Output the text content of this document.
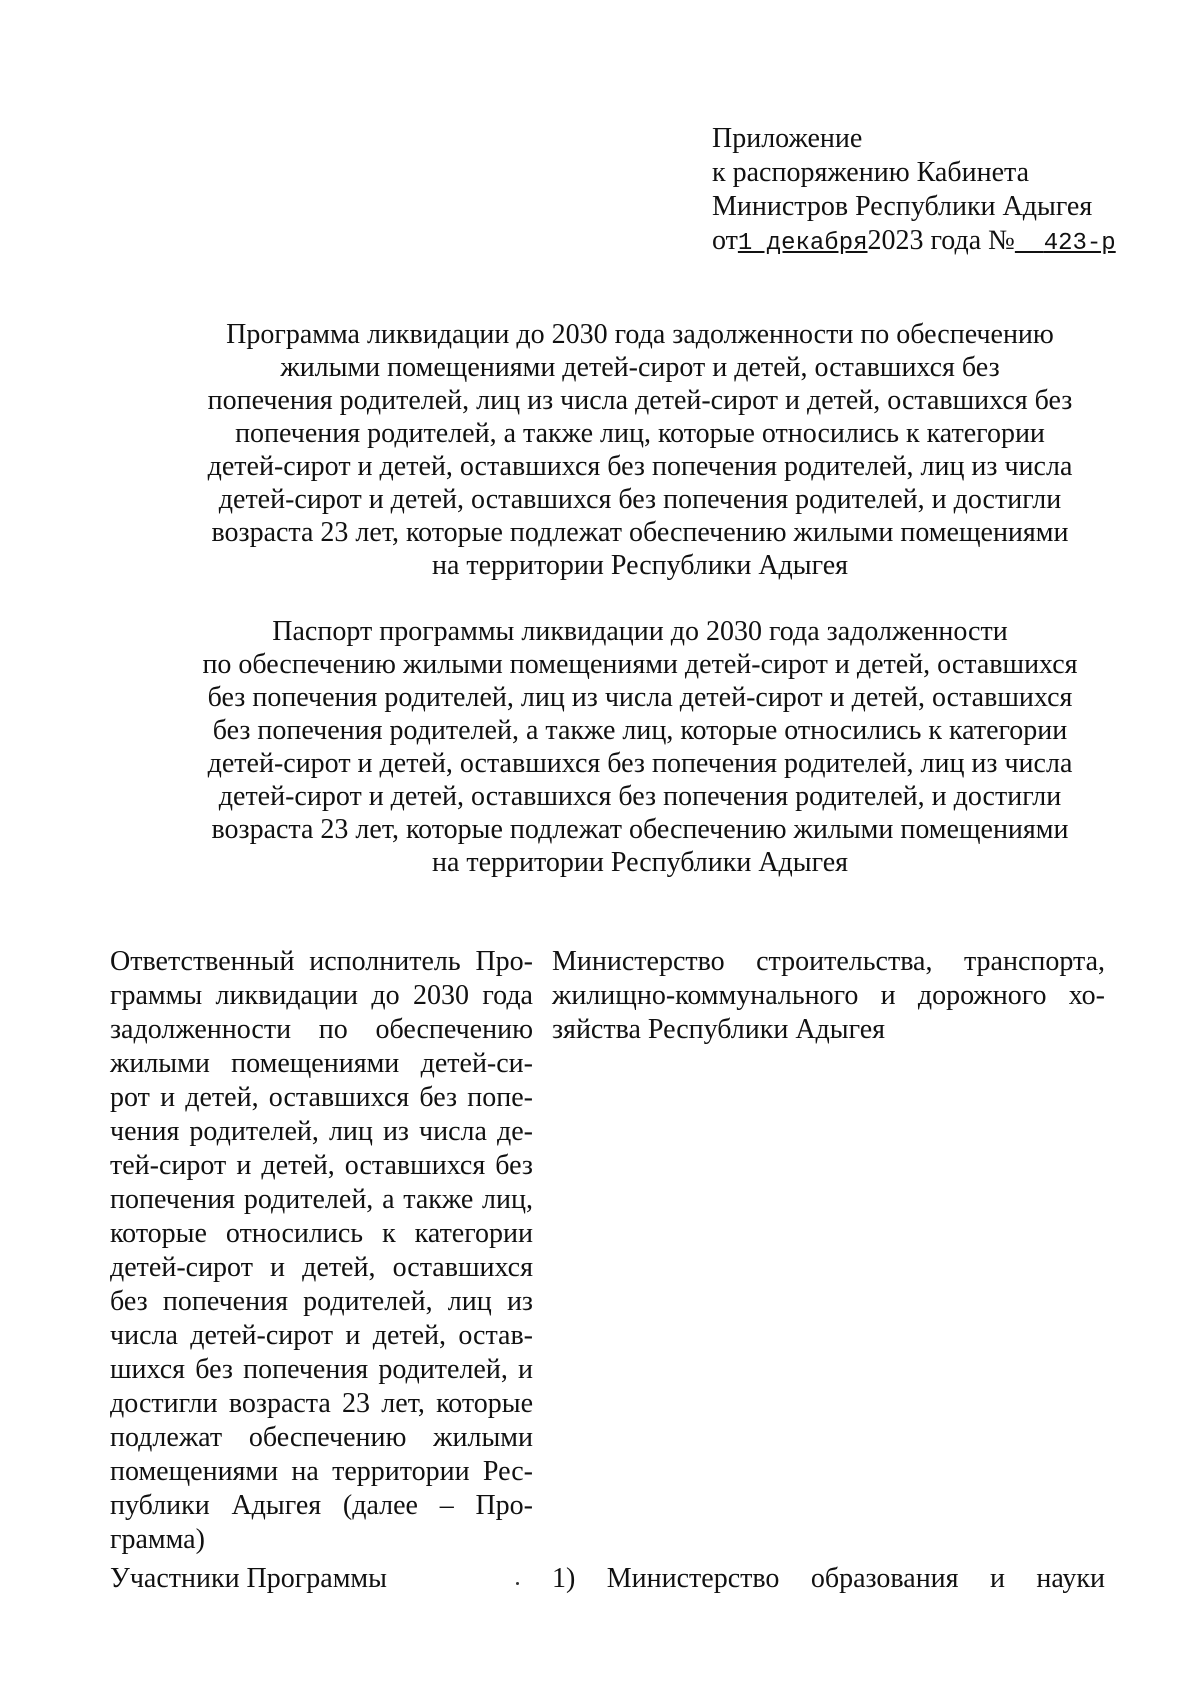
Приложение
к распоряжению Кабинета
Министров Республики Адыгея
от1 декабря2023 года № 423-р
Программа ликвидации до 2030 года задолженности по обеспечению
жилыми помещениями детей-сирот и детей, оставшихся без
попечения родителей, лиц из числа детей-сирот и детей, оставшихся без
попечения родителей, а также лиц, которые относились к категории
детей-сирот и детей, оставшихся без попечения родителей, лиц из числа
детей-сирот и детей, оставшихся без попечения родителей, и достигли
возраста 23 лет, которые подлежат обеспечению жилыми помещениями
на территории Республики Адыгея
Паспорт программы ликвидации до 2030 года задолженности
по обеспечению жилыми помещениями детей-сирот и детей, оставшихся
без попечения родителей, лиц из числа детей-сирот и детей, оставшихся
без попечения родителей, а также лиц, которые относились к категории
детей-сирот и детей, оставшихся без попечения родителей, лиц из числа
детей-сирот и детей, оставшихся без попечения родителей, и достигли
возраста 23 лет, которые подлежат обеспечению жилыми помещениями
на территории Республики Адыгея
Ответственный исполнитель Про-
граммы ликвидации до 2030 года
задолженности по обеспечению
жилыми помещениями детей-си-
рот и детей, оставшихся без попе-
чения родителей, лиц из числа де-
тей-сирот и детей, оставшихся без
попечения родителей, а также лиц,
которые относились к категории
детей-сирот и детей, оставшихся
без попечения родителей, лиц из
числа детей-сирот и детей, остав-
шихся без попечения родителей, и
достигли возраста 23 лет, которые
подлежат обеспечению жилыми
помещениями на территории Рес-
публики Адыгея (далее – Про-
грамма)
Министерство строительства, транспорта,
жилищно-коммунального и дорожного хо-
зяйства Республики Адыгея
Участники Программы	1) Министерство образования и науки
